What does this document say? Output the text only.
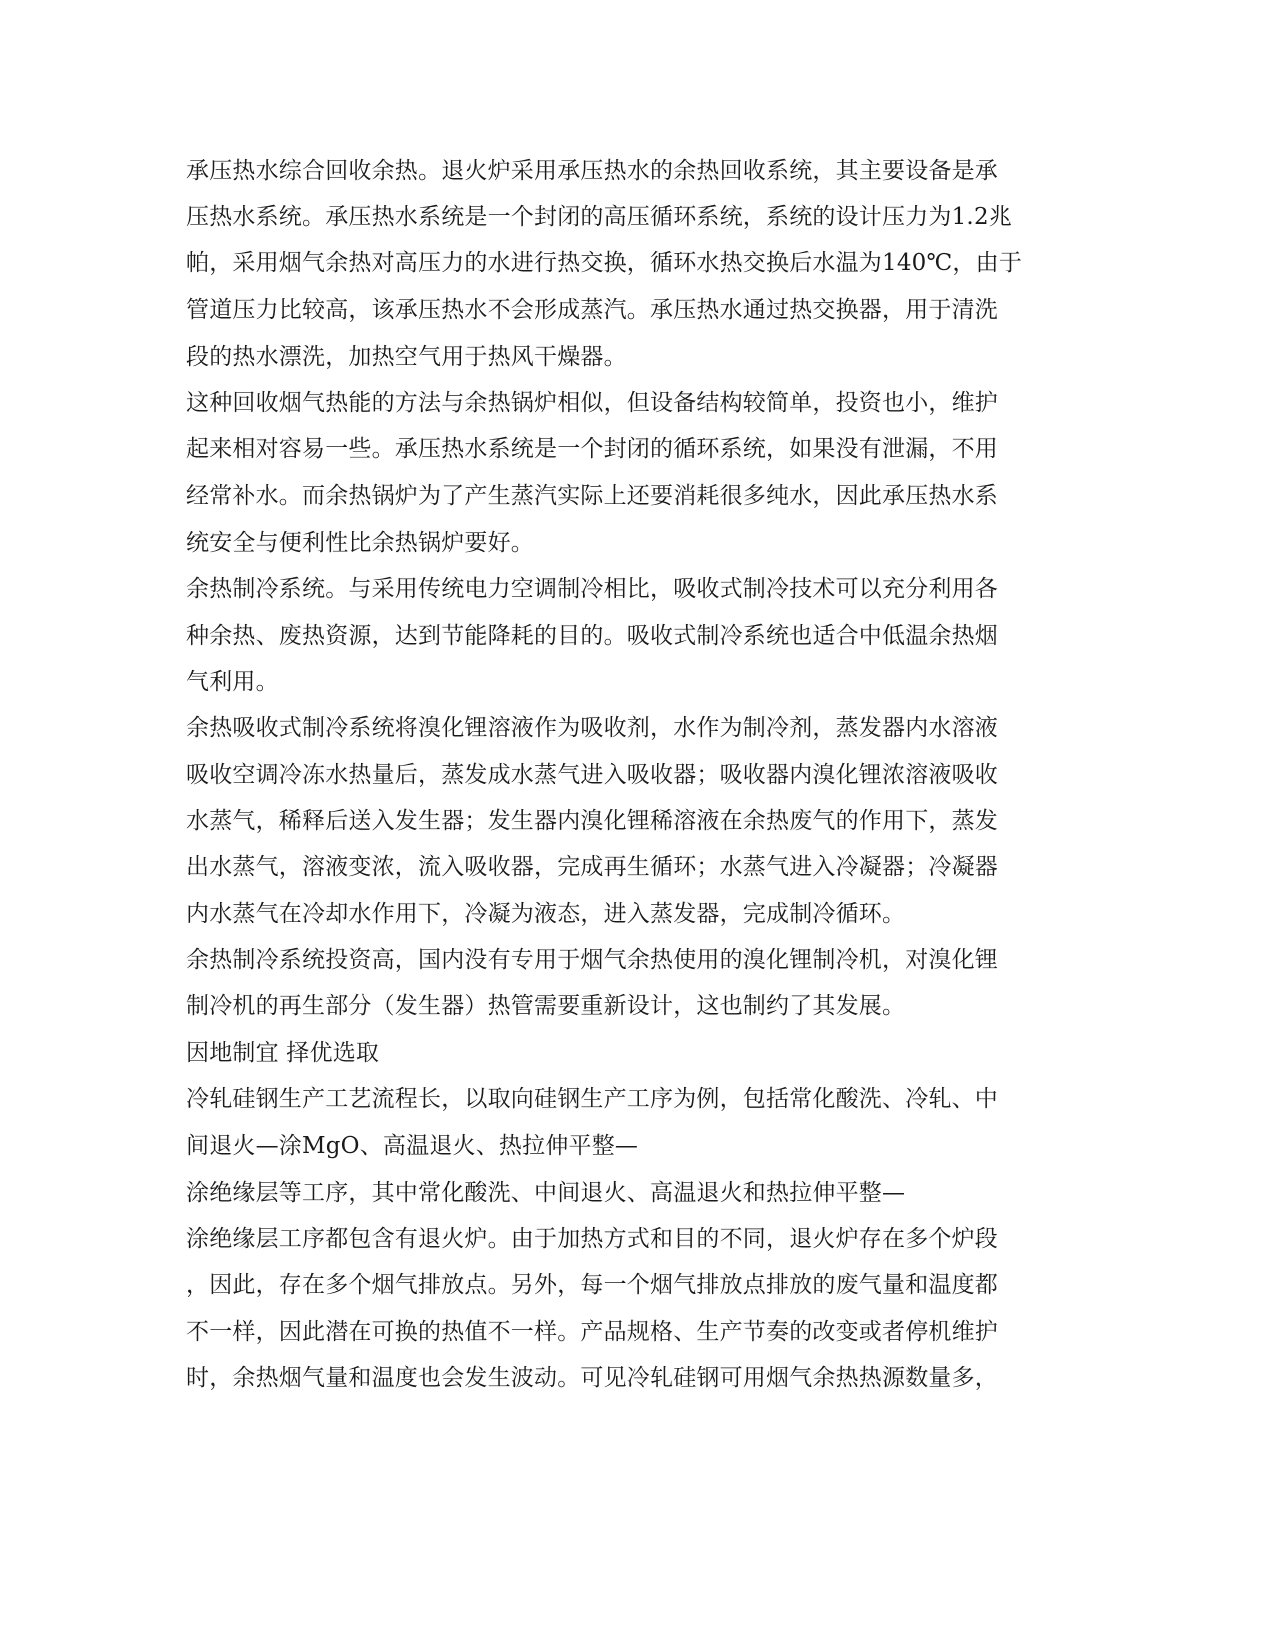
承压热水综合回收余热。退火炉采用承压热水的余热回收系统，其主要设备是承
压热水系统。承压热水系统是一个封闭的高压循环系统，系统的设计压力为1.2兆
帕，采用烟气余热对高压力的水进行热交换，循环水热交换后水温为140℃，由于
管道压力比较高，该承压热水不会形成蒸汽。承压热水通过热交换器，用于清洗
段的热水漂洗，加热空气用于热风干燥器。
这种回收烟气热能的方法与余热锅炉相似，但设备结构较简单，投资也小，维护
起来相对容易一些。承压热水系统是一个封闭的循环系统，如果没有泄漏，不用
经常补水。而余热锅炉为了产生蒸汽实际上还要消耗很多纯水，因此承压热水系
统安全与便利性比余热锅炉要好。
余热制冷系统。与采用传统电力空调制冷相比，吸收式制冷技术可以充分利用各
种余热、废热资源，达到节能降耗的目的。吸收式制冷系统也适合中低温余热烟
气利用。
余热吸收式制冷系统将溴化锂溶液作为吸收剂，水作为制冷剂，蒸发器内水溶液
吸收空调冷冻水热量后，蒸发成水蒸气进入吸收器；吸收器内溴化锂浓溶液吸收
水蒸气，稀释后送入发生器；发生器内溴化锂稀溶液在余热废气的作用下，蒸发
出水蒸气，溶液变浓，流入吸收器，完成再生循环；水蒸气进入冷凝器；冷凝器
内水蒸气在冷却水作用下，冷凝为液态，进入蒸发器，完成制冷循环。
余热制冷系统投资高，国内没有专用于烟气余热使用的溴化锂制冷机，对溴化锂
制冷机的再生部分（发生器）热管需要重新设计，这也制约了其发展。
因地制宜 择优选取
冷轧硅钢生产工艺流程长，以取向硅钢生产工序为例，包括常化酸洗、冷轧、中
间退火—涂MgO、高温退火、热拉伸平整—
涂绝缘层等工序，其中常化酸洗、中间退火、高温退火和热拉伸平整—
涂绝缘层工序都包含有退火炉。由于加热方式和目的不同，退火炉存在多个炉段
，因此，存在多个烟气排放点。另外，每一个烟气排放点排放的废气量和温度都
不一样，因此潜在可换的热值不一样。产品规格、生产节奏的改变或者停机维护
时，余热烟气量和温度也会发生波动。可见冷轧硅钢可用烟气余热热源数量多，
